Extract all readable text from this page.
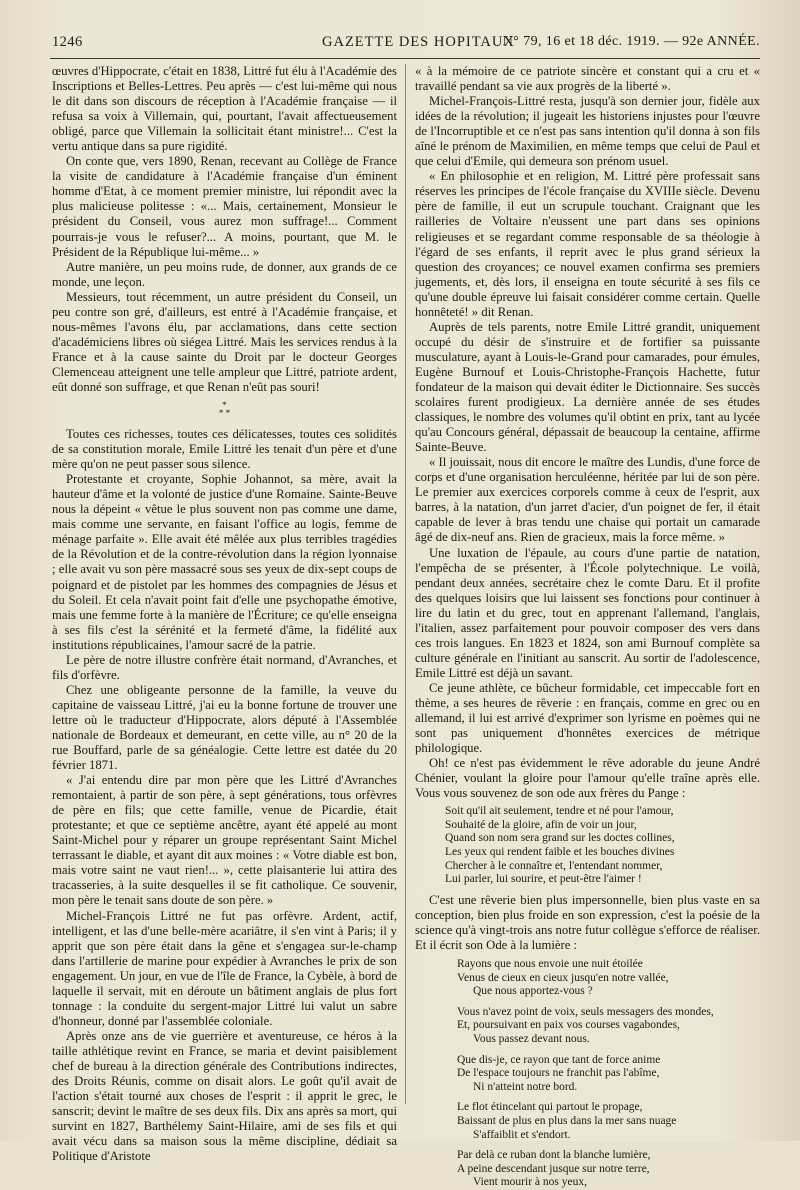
1246	GAZETTE DES HOPITAUX
N° 79, 16 et 18 déc. 1919. — 92e ANNÉE.

œuvres d'Hippocrate, c'était en 1838, Littré fut élu à l'Académie des Inscriptions et Belles-Lettres. Peu après — c'est lui-même qui nous le dit dans son discours de réception à l'Académie française — il refusa sa voix à Villemain, qui, pourtant, l'avait affectueusement obligé, parce que Villemain la sollicitait étant ministre!... C'est la vertu antique dans sa pure rigidité.

On conte que, vers 1890, Renan, recevant au Collège de France la visite de candidature à l'Académie française d'un éminent homme d'Etat, à ce moment premier ministre, lui répondit avec la plus malicieuse politesse : «... Mais, certainement, Monsieur le président du Conseil, vous aurez mon suffrage!... Comment pourrais-je vous le refuser?... A moins, pourtant, que M. le Président de la République lui-même... »

Autre manière, un peu moins rude, de donner, aux grands de ce monde, une leçon.

Messieurs, tout récemment, un autre président du Conseil, un peu contre son gré, d'ailleurs, est entré à l'Académie française, et nous-mêmes l'avons élu, par acclamations, dans cette section d'académiciens libres où siégea Littré. Mais les services rendus à la France et à la cause sainte du Droit par le docteur Georges Clemenceau atteignent une telle ampleur que Littré, patriote ardent, eût donné son suffrage, et que Renan n'eût pas souri!

*
* *

Toutes ces richesses, toutes ces délicatesses, toutes ces solidités de sa constitution morale, Emile Littré les tenait d'un père et d'une mère qu'on ne peut passer sous silence.

Protestante et croyante, Sophie Johannot, sa mère, avait la hauteur d'âme et la volonté de justice d'une Romaine. Sainte-Beuve nous la dépeint « vêtue le plus souvent non pas comme une dame, mais comme une servante, en faisant l'office au logis, femme de ménage parfaite ». Elle avait été mêlée aux plus terribles tragédies de la Révolution et de la contre-révolution dans la région lyonnaise ; elle avait vu son père massacré sous ses yeux de dix-sept coups de poignard et de pistolet par les hommes des compagnies de Jésus et du Soleil. Et cela n'avait point fait d'elle une psychopathe émotive, mais une femme forte à la manière de l'Écriture; ce qu'elle enseigna à ses fils c'est la sérénité et la fermeté d'âme, la fidélité aux institutions républicaines, l'amour sacré de la patrie.

Le père de notre illustre confrère était normand, d'Avranches, et fils d'orfèvre.

Chez une obligeante personne de la famille, la veuve du capitaine de vaisseau Littré, j'ai eu la bonne fortune de trouver une lettre où le traducteur d'Hippocrate, alors député à l'Assemblée nationale de Bordeaux et demeurant, en cette ville, au n° 20 de la rue Bouffard, parle de sa généalogie. Cette lettre est datée du 20 février 1871.

« J'ai entendu dire par mon père que les Littré d'Avranches remontaient, à partir de son père, à sept générations, tous orfèvres de père en fils; que cette famille, venue de Picardie, était protestante; et que ce septième ancêtre, ayant été appelé au mont Saint-Michel pour y réparer un groupe représentant Saint Michel terrassant le diable, et ayant dit aux moines : « Votre diable est bon, mais votre saint ne vaut rien!... », cette plaisanterie lui attira des tracasseries, à la suite desquelles il se fit catholique. Ce souvenir, mon père le tenait sans doute de son père. »

Michel-François Littré ne fut pas orfèvre. Ardent, actif, intelligent, et las d'une belle-mère acariâtre, il s'en vint à Paris; il y apprit que son père était dans la gêne et s'engagea sur-le-champ dans l'artillerie de marine pour expédier à Avranches le prix de son engagement. Un jour, en vue de l'île de France, la Cybèle, à bord de laquelle il servait, mit en déroute un bâtiment anglais de plus fort tonnage : la conduite du sergent-major Littré lui valut un sabre d'honneur, donné par l'assemblée coloniale.

Après onze ans de vie guerrière et aventureuse, ce héros à la taille athlétique revint en France, se maria et devint paisiblement chef de bureau à la direction générale des Contributions indirectes, des Droits Réunis, comme on disait alors. Le goût qu'il avait de l'action s'était tourné aux choses de l'esprit : il apprit le grec, le sanscrit; devint le maître de ses deux fils. Dix ans après sa mort, qui survint en 1827, Barthélemy Saint-Hilaire, ami de ses fils et qui avait vécu dans sa maison sous la même discipline, dédiait sa Politique d'Aristote

« à la mémoire de ce patriote sincère et constant qui a cru et « travaillé pendant sa vie aux progrès de la liberté ».

Michel-François-Littré resta, jusqu'à son dernier jour, fidèle aux idées de la révolution; il jugeait les historiens injustes pour l'œuvre de l'Incorruptible et ce n'est pas sans intention qu'il donna à son fils aîné le prénom de Maximilien, en même temps que celui de Paul et que celui d'Emile, qui demeura son prénom usuel.

« En philosophie et en religion, M. Littré père professait sans réserves les principes de l'école française du XVIIIe siècle. Devenu père de famille, il eut un scrupule touchant. Craignant que les railleries de Voltaire n'eussent une part dans ses opinions religieuses et se regardant comme responsable de sa théologie à l'égard de ses enfants, il reprit avec le plus grand sérieux la question des croyances; ce nouvel examen confirma ses premiers jugements, et, dès lors, il enseigna en toute sécurité à ses fils ce qu'une double épreuve lui faisait considérer comme certain. Quelle honnêteté! » dit Renan.

Auprès de tels parents, notre Emile Littré grandit, uniquement occupé du désir de s'instruire et de fortifier sa puissante musculature, ayant à Louis-le-Grand pour camarades, pour émules, Eugène Burnouf et Louis-Christophe-François Hachette, futur fondateur de la maison qui devait éditer le Dictionnaire. Ses succès scolaires furent prodigieux. La dernière année de ses études classiques, le nombre des volumes qu'il obtint en prix, tant au lycée qu'au Concours général, dépassait de beaucoup la centaine, affirme Sainte-Beuve.

« Il jouissait, nous dit encore le maître des Lundis, d'une force de corps et d'une organisation herculéenne, héritée par lui de son père. Le premier aux exercices corporels comme à ceux de l'esprit, aux barres, à la natation, d'un jarret d'acier, d'un poignet de fer, il était capable de lever à bras tendu une chaise qui portait un camarade âgé de dix-neuf ans. Rien de gracieux, mais la force même. »

Une luxation de l'épaule, au cours d'une partie de natation, l'empêcha de se présenter, à l'École polytechnique. Le voilà, pendant deux années, secrétaire chez le comte Daru. Et il profite des quelques loisirs que lui laissent ses fonctions pour continuer à lire du latin et du grec, tout en apprenant l'allemand, l'anglais, l'italien, assez parfaitement pour pouvoir composer des vers dans ces trois langues. En 1823 et 1824, son ami Burnouf complète sa culture générale en l'initiant au sanscrit. Au sortir de l'adolescence, Emile Littré est déjà un savant.

Ce jeune athlète, ce bûcheur formidable, cet impeccable fort en thème, a ses heures de rêverie : en français, comme en grec ou en allemand, il lui est arrivé d'exprimer son lyrisme en poèmes qui ne sont pas uniquement d'honnêtes exercices de métrique philologique.

Oh! ce n'est pas évidemment le rêve adorable du jeune André Chénier, voulant la gloire pour l'amour qu'elle traîne après elle. Vous vous souvenez de son ode aux frères du Pange :

Soit qu'il ait seulement, tendre et né pour l'amour,
Souhaité de la gloire, afin de voir un jour,
Quand son nom sera grand sur les doctes collines,
Les yeux qui rendent faible et les bouches divines
Chercher à le connaître et, l'entendant nommer,
Lui parler, lui sourire, et peut-être l'aimer !

C'est une rêverie bien plus impersonnelle, bien plus vaste en sa conception, bien plus froide en son expression, c'est la poésie de la science qu'à vingt-trois ans notre futur collègue s'efforce de réaliser. Et il écrit son Ode à la lumière :

Rayons que nous envoie une nuit étoilée
Venus de cieux en cieux jusqu'en notre vallée,
Que nous apportez-vous ?
Vous n'avez point de voix, seuls messagers des mondes,
Et, poursuivant en paix vos courses vagabondes,
Vous passez devant nous.
Que dis-je, ce rayon que tant de force anime
De l'espace toujours ne franchit pas l'abîme,
Ni n'atteint notre bord.
Le flot étincelant qui partout le propage,
Baissant de plus en plus dans la mer sans nuage
S'affaiblit et s'endort.
Par delà ce ruban dont la blanche lumière,
A peine descendant jusque sur notre terre,
Vient mourir à nos yeux,
